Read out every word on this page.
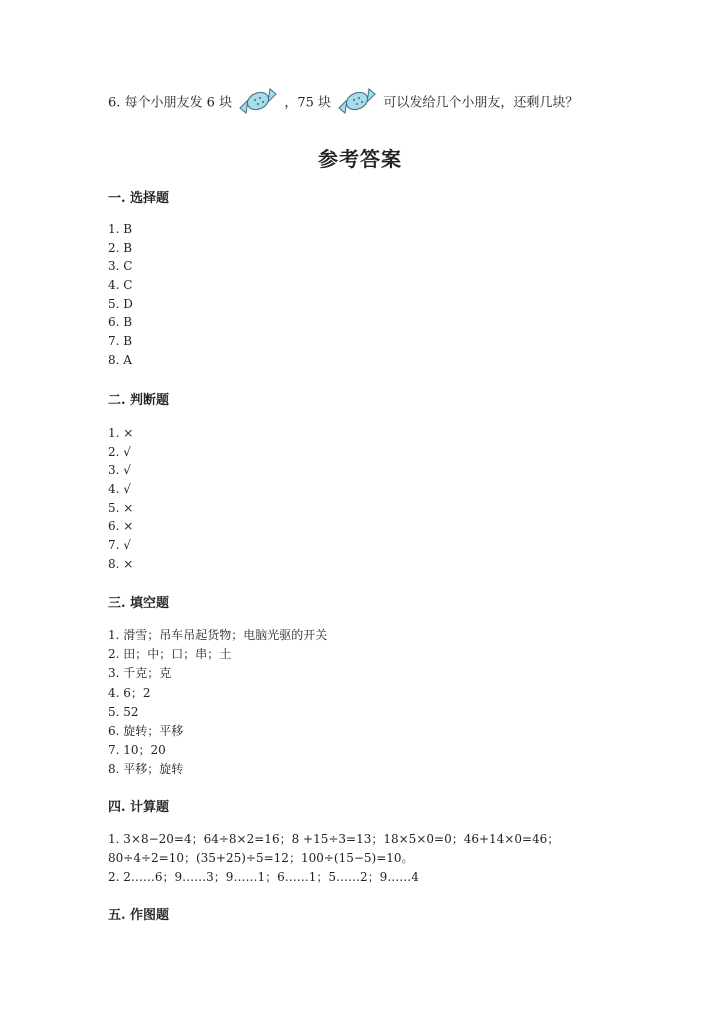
6. 每个小朋友发 6 块	，75 块	可以发给几个小朋友，还剩几块？
参考答案
一. 选择题
1. B
2. B
3. C
4. C
5. D
6. B
7. B
8. A
二. 判断题
1. ×
2. √
3. √
4. √
5. ×
6. ×
7. √
8. ×
三. 填空题
1. 滑雪；吊车吊起货物；电脑光驱的开关
2. 田；中；口；串；土
3. 千克；克
4. 6；2
5. 52
6. 旋转；平移
7. 10；20
8. 平移；旋转
四. 计算题
1. 3×8−20=4；64÷8×2=16；8 +15÷3=13；18×5×0=0；46+14×0=46；
80÷4÷2=10；(35+25)÷5=12；100÷(15−5)=10。
2. 2……6；9……3；9……1；6……1；5……2；9……4
五. 作图题
